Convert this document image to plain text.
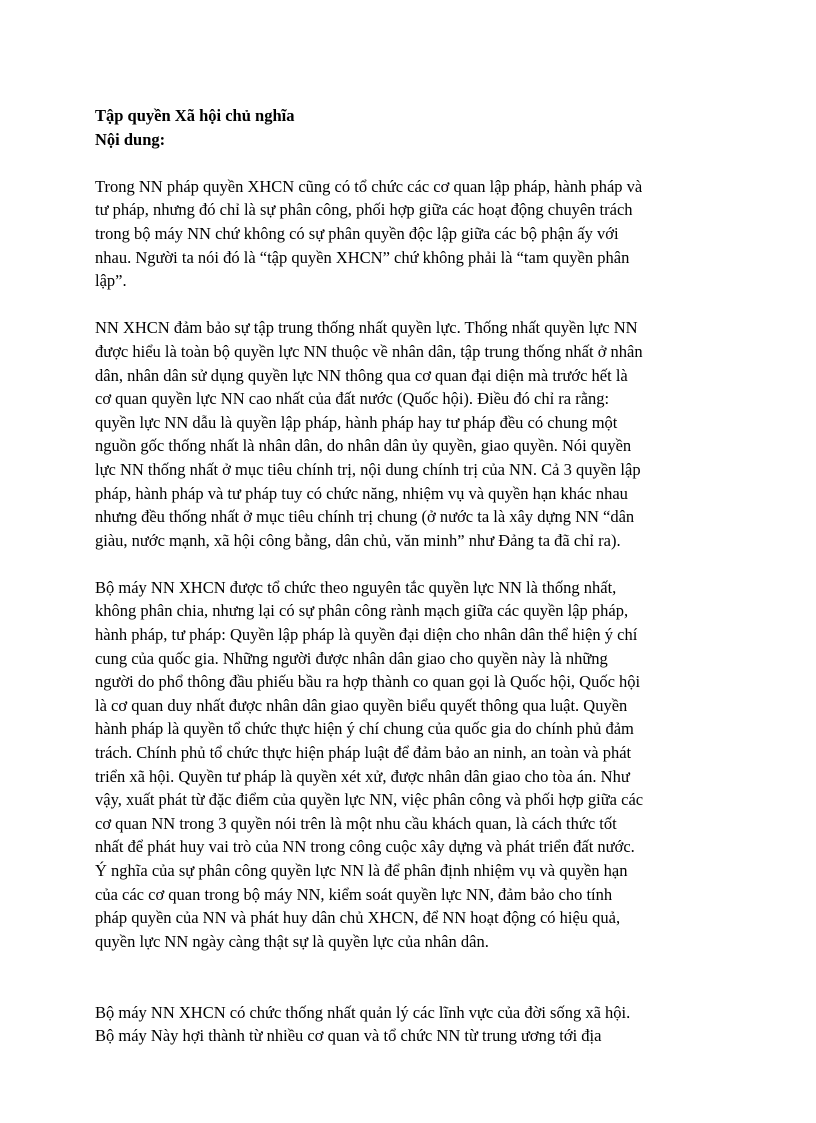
Tập quyền Xã hội chủ nghĩa
Nội dung:

Trong NN pháp quyền XHCN cũng có tổ chức các cơ quan lập pháp, hành pháp và
tư pháp, nhưng đó chỉ là sự phân công, phối hợp giữa các hoạt động chuyên trách
trong bộ máy NN chứ không có sự phân quyền độc lập giữa các bộ phận ấy với
nhau. Người ta nói đó là “tập quyền XHCN” chứ không phải là “tam quyền phân
lập”.

NN XHCN đảm bảo sự tập trung thống nhất quyền lực. Thống nhất quyền lực NN
được hiểu là toàn bộ quyền lực NN thuộc về nhân dân, tập trung thống nhất ở nhân
dân, nhân dân sử dụng quyền lực NN thông qua cơ quan đại diện mà trước hết là
cơ quan quyền lực NN cao nhất của đất nước (Quốc hội). Điều đó chỉ ra rằng:
quyền lực NN dẫu là quyền lập pháp, hành pháp hay tư pháp đều có chung một
nguồn gốc thống nhất là nhân dân, do nhân dân ủy quyền, giao quyền. Nói quyền
lực NN thống nhất ở mục tiêu chính trị, nội dung chính trị của NN. Cả 3 quyền lập
pháp, hành pháp và tư pháp tuy có chức năng, nhiệm vụ và quyền hạn khác nhau
nhưng đều thống nhất ở mục tiêu chính trị chung (ở nước ta là xây dựng NN “dân
giàu, nước mạnh, xã hội công bằng, dân chủ, văn minh” như Đảng ta đã chỉ ra).

Bộ máy NN XHCN được tổ chức theo nguyên tắc quyền lực NN là thống nhất,
không phân chia, nhưng lại có sự phân công rành mạch giữa các quyền lập pháp,
hành pháp, tư pháp: Quyền lập pháp là quyền đại diện cho nhân dân thể hiện ý chí
cung của quốc gia. Những người được nhân dân giao cho quyền này là những
người do phổ thông đầu phiếu bầu ra hợp thành co quan gọi là Quốc hội, Quốc hội
là cơ quan duy nhất được nhân dân giao quyền biểu quyết thông qua luật. Quyền
hành pháp là quyền tổ chức thực hiện ý chí chung của quốc gia do chính phủ đảm
trách. Chính phủ tổ chức thực hiện pháp luật để đảm bảo an ninh, an toàn và phát
triển xã hội. Quyền tư pháp là quyền xét xử, được nhân dân giao cho tòa án. Như
vậy, xuất phát từ đặc điểm của quyền lực NN, việc phân công và phối hợp giữa các
cơ quan NN trong 3 quyền nói trên là một nhu cầu khách quan, là cách thức tốt
nhất để phát huy vai trò của NN trong công cuộc xây dựng và phát triển đất nước.
Ý nghĩa của sự phân công quyền lực NN là để phân định nhiệm vụ và quyền hạn
của các cơ quan trong bộ máy NN, kiểm soát quyền lực NN, đảm bảo cho tính
pháp quyền của NN và phát huy dân chủ XHCN, để NN hoạt động có hiệu quả,
quyền lực NN ngày càng thật sự là quyền lực của nhân dân.

Bộ máy NN XHCN có chức thống nhất quản lý các lĩnh vực của đời sống xã hội.
Bộ máy Này hợi thành từ nhiều cơ quan và tổ chức NN từ trung ương tới địa
